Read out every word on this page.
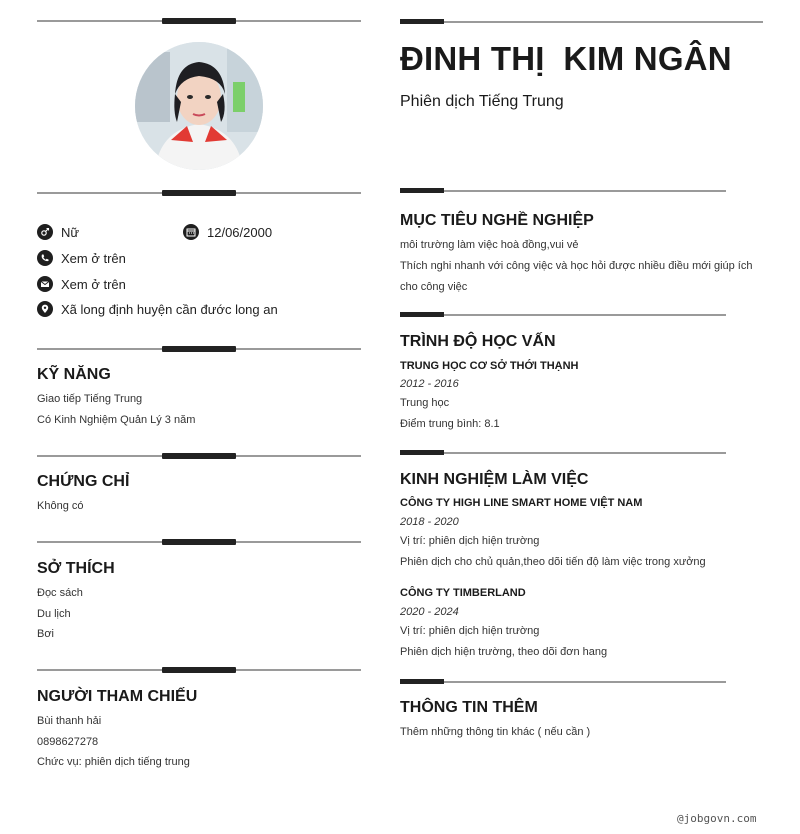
Nữ	12/06/2000
Xem ở trên
Xem ở trên
Xã long định huyện cần đước long an
KỸ NĂNG
Giao tiếp Tiếng Trung
Có Kinh Nghiệm Quản Lý 3 năm
CHỨNG CHỈ
Không có
SỞ THÍCH
Đọc sách
Du lịch
Bơi
NGƯỜI THAM CHIẾU
Bùi thanh hải
0898627278
Chức vụ: phiên dịch tiếng trung
ĐINH THỊ  KIM NGÂN
Phiên dịch Tiếng Trung
MỤC TIÊU NGHỀ NGHIỆP
môi trường làm việc hoà đồng,vui vẻ
Thích nghi nhanh với công việc và học hỏi được nhiều điều mới giúp ích
cho công việc
TRÌNH ĐỘ HỌC VẤN
TRUNG HỌC CƠ SỞ THỚI THẠNH
2012 - 2016
Trung học
Điểm trung bình: 8.1
KINH NGHIỆM LÀM VIỆC
CÔNG TY HIGH LINE SMART HOME VIỆT NAM
2018 - 2020
Vị trí: phiên dịch hiện trường
Phiên dịch cho chủ quản,theo dõi tiến độ làm việc trong xưởng
CÔNG TY TIMBERLAND
2020 - 2024
Vị trí: phiên dịch hiện trường
Phiên dịch hiện trường, theo dõi đơn hang
THÔNG TIN THÊM
Thêm những thông tin khác ( nếu cần )
@jobgovn.com
